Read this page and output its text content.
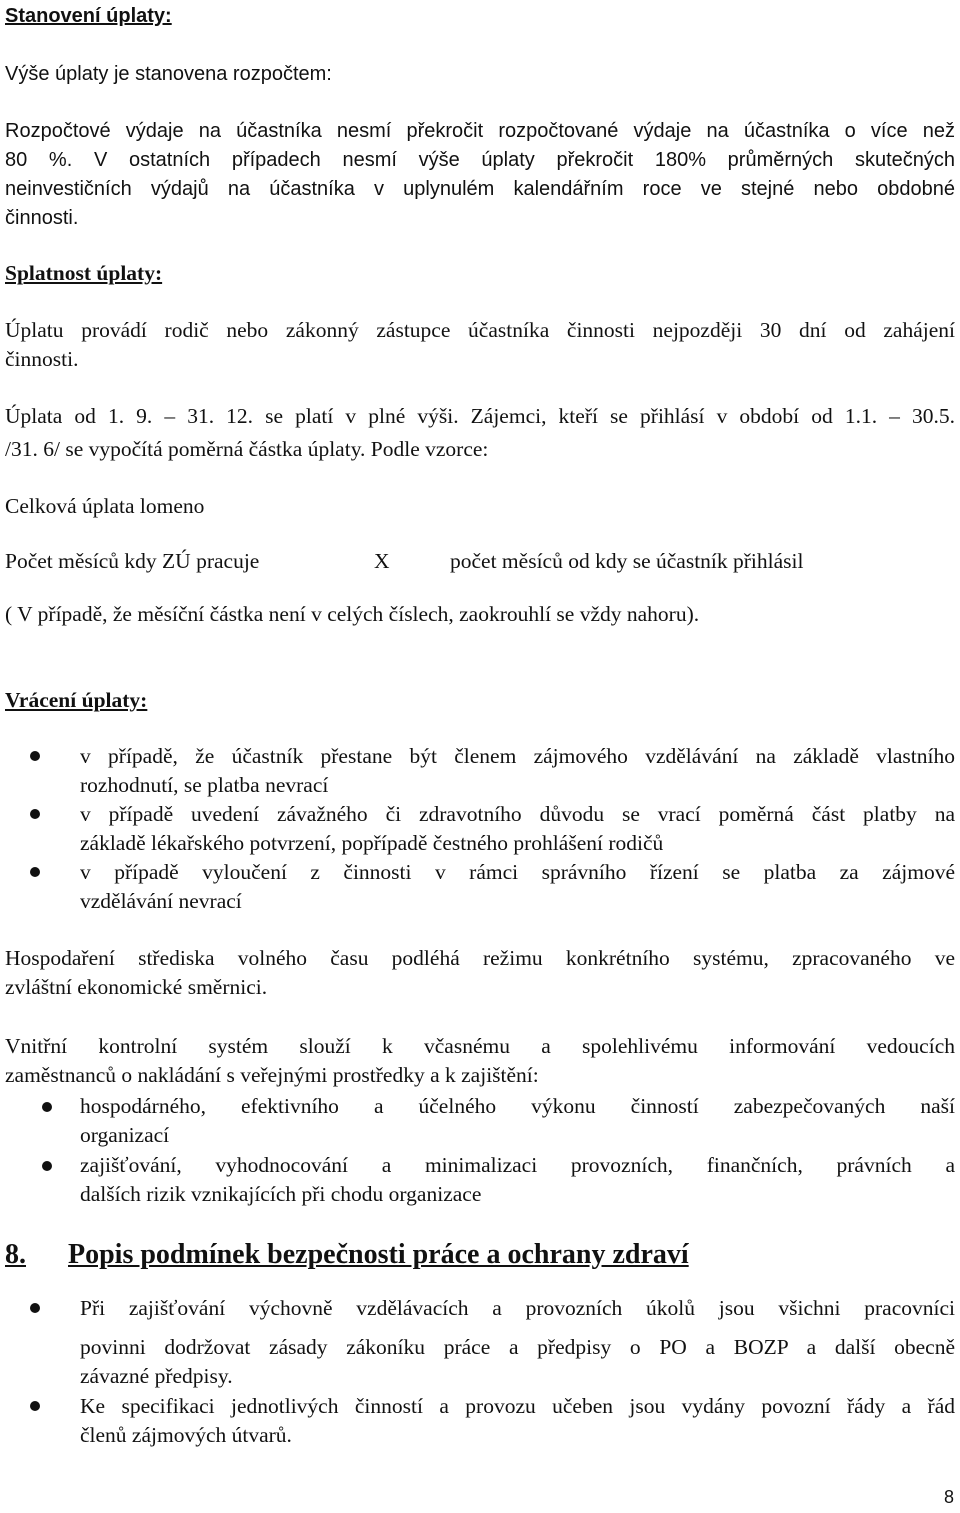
Stanovení úplaty:
Výše úplaty je stanovena rozpočtem:
Rozpočtové výdaje na účastníka nesmí překročit rozpočtované výdaje na účastníka o více než
80 %. V ostatních případech nesmí výše úplaty překročit 180% průměrných skutečných
neinvestičních výdajů na účastníka v uplynulém kalendářním roce ve stejné nebo obdobné
činnosti.
Splatnost úplaty:
Úplatu provádí rodič nebo zákonný zástupce účastníka činnosti nejpozději 30 dní od zahájení
činnosti.
Úplata od 1. 9. – 31. 12. se platí v plné výši. Zájemci, kteří se přihlásí v období od 1.1. – 30.5.
/31. 6/ se vypočítá poměrná částka úplaty. Podle vzorce:
Celková úplata lomeno
Počet měsíců kdy ZÚ pracuje	X	počet měsíců od kdy se účastník přihlásil
( V případě, že měsíční částka není v celých číslech, zaokrouhlí se vždy nahoru).
Vrácení úplaty:
v případě, že účastník přestane být členem zájmového vzdělávání na základě vlastního
rozhodnutí, se platba nevrací
v případě uvedení závažného či zdravotního důvodu se vrací poměrná část platby na
základě lékařského potvrzení, popřípadě čestného prohlášení rodičů
v případě vyloučení z činnosti v rámci správního řízení se platba za zájmové
vzdělávání nevrací
Hospodaření střediska volného času podléhá režimu konkrétního systému, zpracovaného ve
zvláštní ekonomické směrnici.
Vnitřní kontrolní systém slouží k včasnému a spolehlivému informování vedoucích
zaměstnanců o nakládání s veřejnými prostředky a k zajištění:
hospodárného, efektivního a účelného výkonu činností zabezpečovaných naší
organizací
zajišťování, vyhodnocování a minimalizaci provozních, finančních, právních a
dalších rizik vznikajících při chodu organizace
8. Popis podmínek bezpečnosti práce a ochrany zdraví
Při zajišťování výchovně vzdělávacích a provozních úkolů jsou všichni pracovníci
povinni dodržovat zásady zákoníku práce a předpisy o PO a BOZP a další obecně
závazné předpisy.
Ke specifikaci jednotlivých činností a provozu učeben jsou vydány povozní řády a řád
členů zájmových útvarů.
8
